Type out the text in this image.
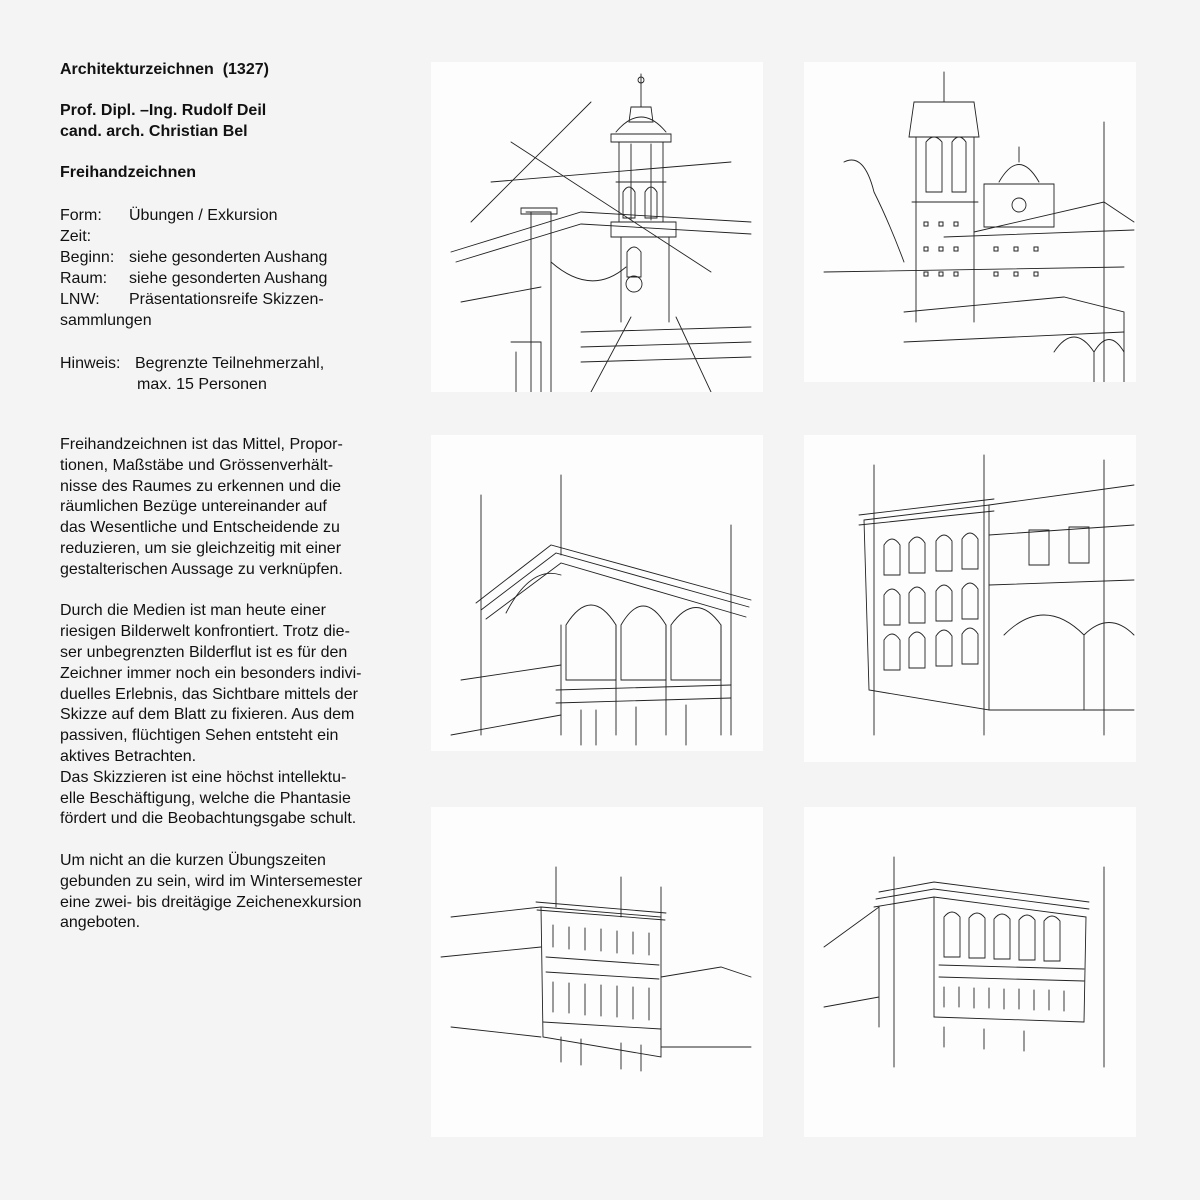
Architekturzeichnen  (1327)
Prof. Dipl. –Ing. Rudolf Deil
cand. arch. Christian Bel
Freihandzeichnen
Form: Übungen / Exkursion
Zeit:
Beginn: siehe gesonderten Aushang
Raum: siehe gesonderten Aushang
LNW: Präsentationsreife Skizzen-
sammlungen
Hinweis: Begrenzte Teilnehmerzahl,
max. 15 Personen

Freihandzeichnen ist das Mittel, Propor-
tionen, Maßstäbe und Grössenverhält-
nisse des Raumes zu erkennen und die
räumlichen Bezüge untereinander auf
das Wesentliche und Entscheidende zu
reduzieren, um sie gleichzeitig mit einer
gestalterischen Aussage zu verknüpfen.

Durch die Medien ist man heute einer
riesigen Bilderwelt konfrontiert. Trotz die-
ser unbegrenzten Bilderflut ist es für den
Zeichner immer noch ein besonders indivi-
duelles Erlebnis, das Sichtbare mittels der
Skizze auf dem Blatt zu fixieren. Aus dem
passiven, flüchtigen Sehen entsteht ein
aktives Betrachten.
Das Skizzieren ist eine höchst intellektu-
elle Beschäftigung, welche die Phantasie
fördert und die Beobachtungsgabe schult.

Um nicht an die kurzen Übungszeiten
gebunden zu sein, wird im Wintersemester
eine zwei- bis dreitägige Zeichenexkursion
angeboten.
